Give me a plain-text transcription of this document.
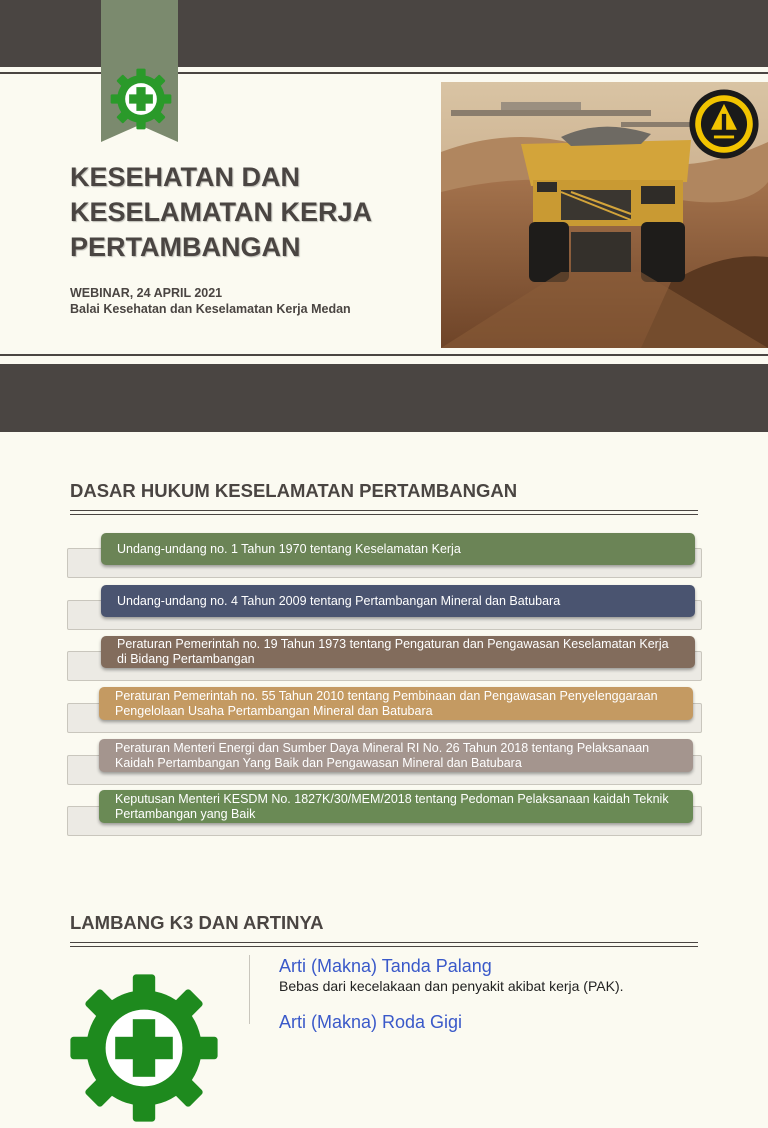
KESEHATAN DAN
KESELAMATAN KERJA
PERTAMBANGAN
WEBINAR, 24 APRIL 2021
Balai Kesehatan dan Keselamatan Kerja Medan
DASAR HUKUM KESELAMATAN PERTAMBANGAN
Undang-undang no. 1 Tahun 1970 tentang Keselamatan Kerja
Undang-undang no. 4 Tahun 2009 tentang Pertambangan Mineral dan Batubara
Peraturan Pemerintah no. 19 Tahun 1973 tentang Pengaturan dan Pengawasan Keselamatan Kerja di Bidang Pertambangan
Peraturan Pemerintah no. 55 Tahun 2010 tentang Pembinaan dan Pengawasan Penyelenggaraan Pengelolaan Usaha Pertambangan Mineral dan Batubara
Peraturan Menteri Energi dan Sumber Daya Mineral RI No. 26 Tahun 2018 tentang Pelaksanaan Kaidah Pertambangan Yang Baik dan Pengawasan Mineral dan Batubara
Keputusan Menteri KESDM No. 1827K/30/MEM/2018 tentang Pedoman Pelaksanaan kaidah Teknik Pertambangan yang Baik
LAMBANG K3 DAN ARTINYA
Arti (Makna) Tanda Palang
Bebas dari kecelakaan dan penyakit akibat kerja (PAK).
Arti (Makna) Roda Gigi
